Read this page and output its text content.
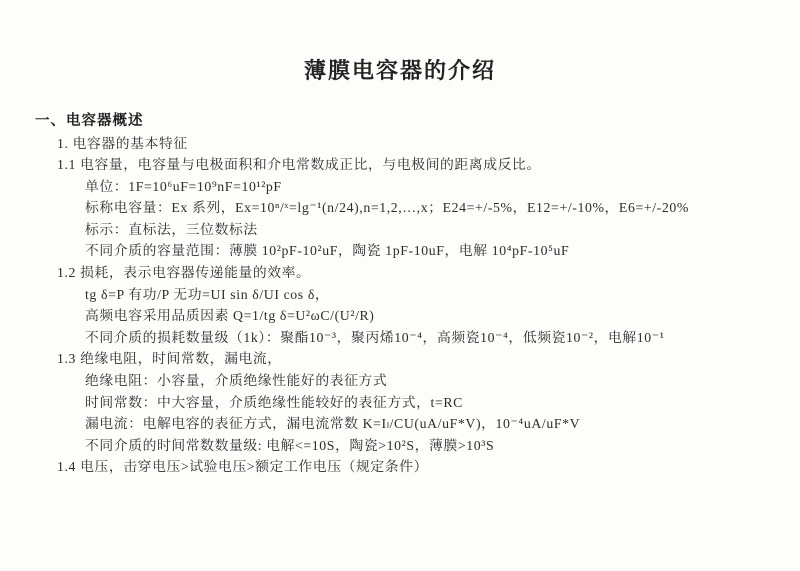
薄膜电容器的介绍
一、电容器概述
1. 电容器的基本特征
1.1 电容量，电容量与电极面积和介电常数成正比，与电极间的距离成反比。
单位：1F=10⁶uF=10⁹nF=10¹²pF
标称电容量：Ex 系列，Ex=10ⁿ/ˣ=lg⁻¹(n/24),n=1,2,…,x；E24=+/-5%，E12=+/-10%，E6=+/-20%
标示：直标法，三位数标法
不同介质的容量范围：薄膜 10²pF-10²uF，陶瓷 1pF-10uF，电解 10⁴pF-10⁵uF
1.2 损耗，表示电容器传递能量的效率。
tg δ=P 有功/P 无功=UI sin δ/UI cos δ，
高频电容采用品质因素 Q=1/tg δ=U²ωC/(U²/R)
不同介质的损耗数量级（1k）：聚酯10⁻³，聚丙烯10⁻⁴，高频瓷10⁻⁴，低频瓷10⁻²，电解10⁻¹
1.3 绝缘电阻，时间常数，漏电流，
绝缘电阻：小容量，介质绝缘性能好的表征方式
时间常数：中大容量，介质绝缘性能较好的表征方式，t=RC
漏电流：电解电容的表征方式，漏电流常数 K=Iₗ/CU(uA/uF*V)，10⁻⁴uA/uF*V
不同介质的时间常数数量级: 电解<=10S，陶瓷>10²S，薄膜>10³S
1.4 电压，击穿电压>试验电压>额定工作电压（规定条件）
